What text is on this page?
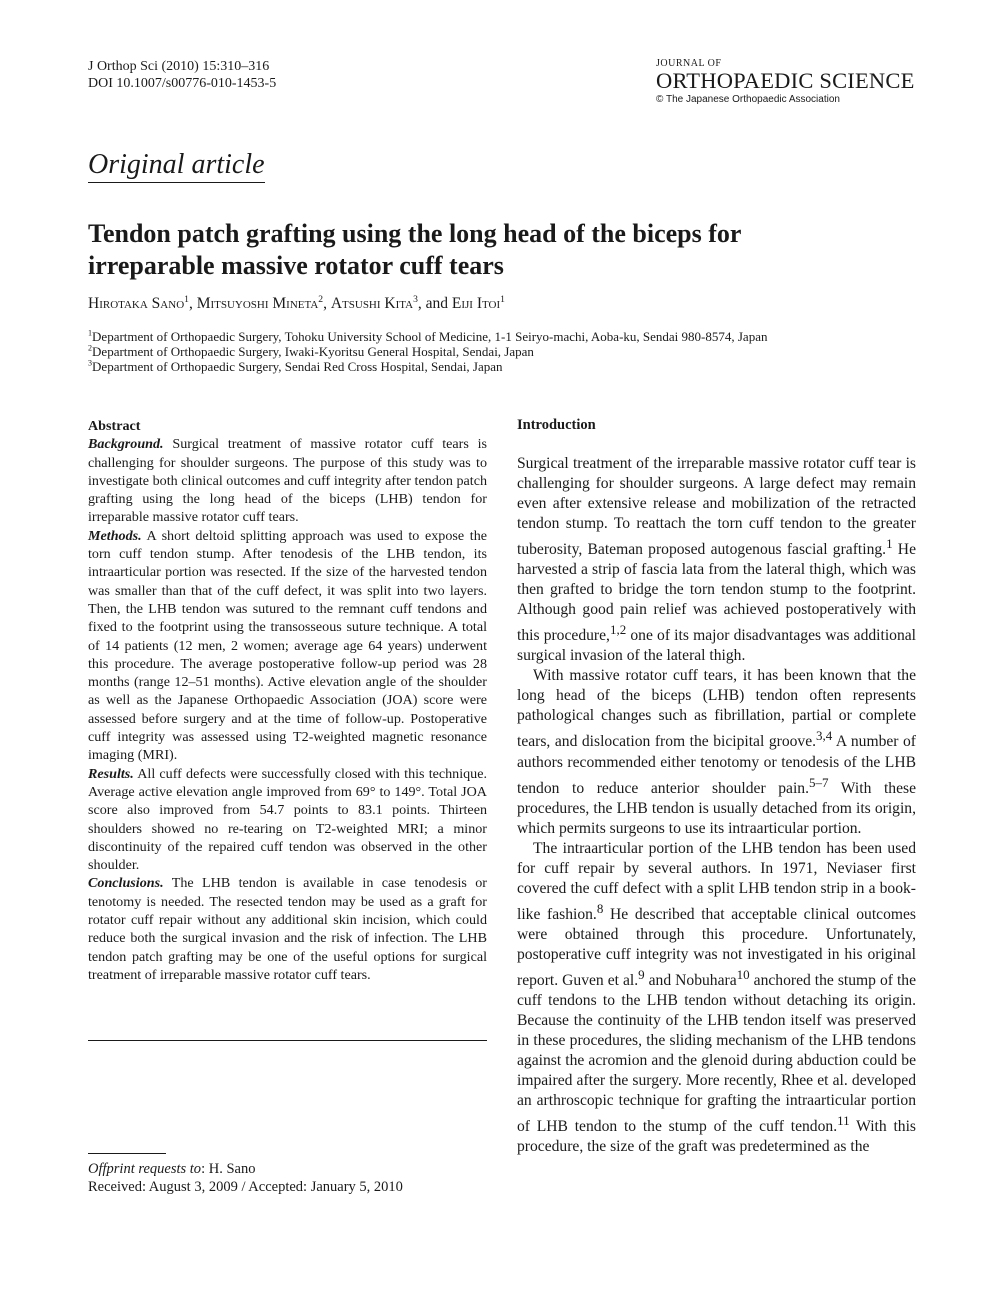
J Orthop Sci (2010) 15:310–316
DOI 10.1007/s00776-010-1453-5
JOURNAL OF
ORTHOPAEDIC SCIENCE
© The Japanese Orthopaedic Association
Original article
Tendon patch grafting using the long head of the biceps for irreparable massive rotator cuff tears
Hirotaka Sano$^1$, Mitsuyoshi Mineta$^2$, Atsushi Kita$^3$, and Eiji Itoi$^1$
$^1$Department of Orthopaedic Surgery, Tohoku University School of Medicine, 1-1 Seiryo-machi, Aoba-ku, Sendai 980-8574, Japan
$^2$Department of Orthopaedic Surgery, Iwaki-Kyoritsu General Hospital, Sendai, Japan
$^3$Department of Orthopaedic Surgery, Sendai Red Cross Hospital, Sendai, Japan
Abstract

Background. Surgical treatment of massive rotator cuff tears is challenging for shoulder surgeons. The purpose of this study was to investigate both clinical outcomes and cuff integrity after tendon patch grafting using the long head of the biceps (LHB) tendon for irreparable massive rotator cuff tears.

Methods. A short deltoid splitting approach was used to expose the torn cuff tendon stump. After tenodesis of the LHB tendon, its intraarticular portion was resected. If the size of the harvested tendon was smaller than that of the cuff defect, it was split into two layers. Then, the LHB tendon was sutured to the remnant cuff tendons and fixed to the footprint using the transosseous suture technique. A total of 14 patients (12 men, 2 women; average age 64 years) underwent this procedure. The average postoperative follow-up period was 28 months (range 12–51 months). Active elevation angle of the shoulder as well as the Japanese Orthopaedic Association (JOA) score were assessed before surgery and at the time of follow-up. Postoperative cuff integrity was assessed using T2-weighted magnetic resonance imaging (MRI).

Results. All cuff defects were successfully closed with this technique. Average active elevation angle improved from 69° to 149°. Total JOA score also improved from 54.7 points to 83.1 points. Thirteen shoulders showed no re-tearing on T2-weighted MRI; a minor discontinuity of the repaired cuff tendon was observed in the other shoulder.

Conclusions. The LHB tendon is available in case tenodesis or tenotomy is needed. The resected tendon may be used as a graft for rotator cuff repair without any additional skin incision, which could reduce both the surgical invasion and the risk of infection. The LHB tendon patch grafting may be one of the useful options for surgical treatment of irreparable massive rotator cuff tears.

Offprint requests to: H. Sano
Received: August 3, 2009 / Accepted: January 5, 2010
Introduction

Surgical treatment of the irreparable massive rotator cuff tear is challenging for shoulder surgeons. A large defect may remain even after extensive release and mobilization of the retracted tendon stump. To reattach the torn cuff tendon to the greater tuberosity, Bateman proposed autogenous fascial grafting.$^1$ He harvested a strip of fascia lata from the lateral thigh, which was then grafted to bridge the torn tendon stump to the footprint. Although good pain relief was achieved postoperatively with this procedure,$^{1,2}$ one of its major disadvantages was additional surgical invasion of the lateral thigh.

With massive rotator cuff tears, it has been known that the long head of the biceps (LHB) tendon often represents pathological changes such as fibrillation, partial or complete tears, and dislocation from the bicipital groove.$^{3,4}$ A number of authors recommended either tenotomy or tenodesis of the LHB tendon to reduce anterior shoulder pain.$^{5-7}$ With these procedures, the LHB tendon is usually detached from its origin, which permits surgeons to use its intraarticular portion.

The intraarticular portion of the LHB tendon has been used for cuff repair by several authors. In 1971, Neviaser first covered the cuff defect with a split LHB tendon strip in a book-like fashion.$^8$ He described that acceptable clinical outcomes were obtained through this procedure. Unfortunately, postoperative cuff integrity was not investigated in his original report. Guven et al.$^9$ and Nobuhara$^{10}$ anchored the stump of the cuff tendons to the LHB tendon without detaching its origin. Because the continuity of the LHB tendon itself was preserved in these procedures, the sliding mechanism of the LHB tendons against the acromion and the glenoid during abduction could be impaired after the surgery. More recently, Rhee et al. developed an arthroscopic technique for grafting the intraarticular portion of LHB tendon to the stump of the cuff tendon.$^{11}$ With this procedure, the size of the graft was predetermined as the
